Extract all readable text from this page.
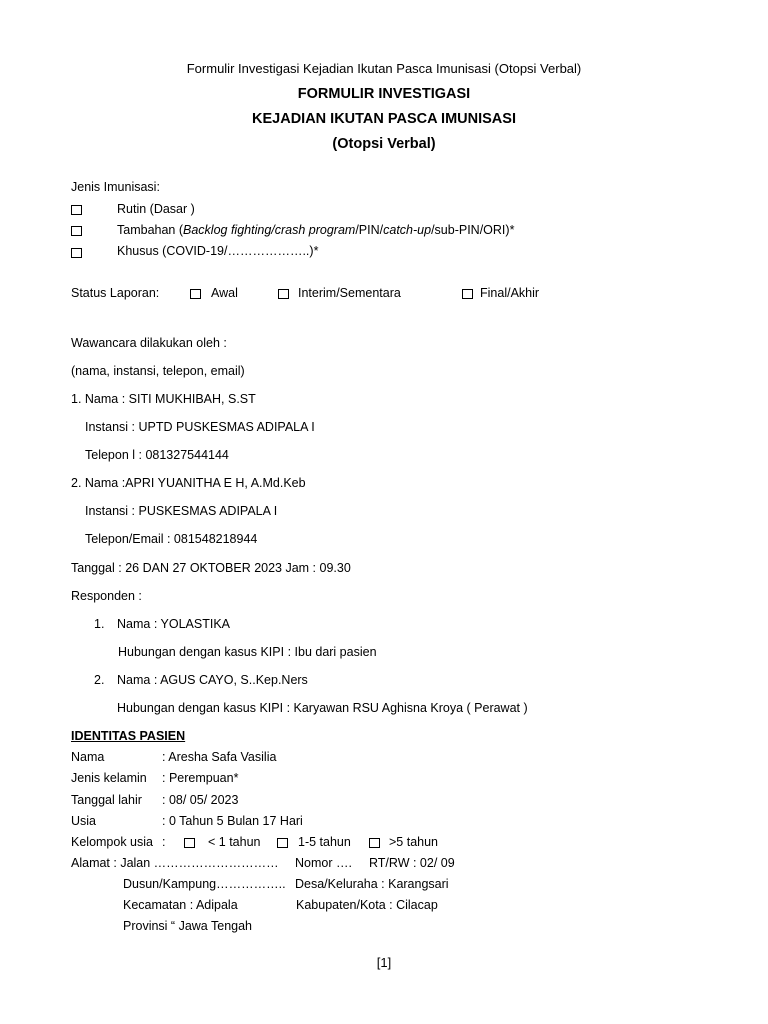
Formulir Investigasi Kejadian Ikutan Pasca Imunisasi (Otopsi Verbal)
FORMULIR INVESTIGASI
KEJADIAN IKUTAN PASCA IMUNISASI
(Otopsi Verbal)
Jenis Imunisasi:
Rutin (Dasar )
Tambahan (Backlog fighting/crash program/PIN/catch-up/sub-PIN/ORI)*
Khusus (COVID-19/………………..)*
Status Laporan:	Awal	Interim/Sementara	Final/Akhir
Wawancara dilakukan oleh :
(nama, instansi, telepon, email)
1. Nama : SITI MUKHIBAH, S.ST
Instansi : UPTD PUSKESMAS ADIPALA I
Telepon l : 081327544144
2. Nama :APRI YUANITHA E H, A.Md.Keb
Instansi : PUSKESMAS ADIPALA I
Telepon/Email : 081548218944
Tanggal : 26 DAN 27 OKTOBER 2023 Jam : 09.30
Responden :
1. Nama : YOLASTIKA
Hubungan dengan kasus KIPI : Ibu dari pasien
2. Nama : AGUS CAYO, S..Kep.Ners
Hubungan dengan kasus KIPI : Karyawan RSU Aghisna Kroya ( Perawat )
IDENTITAS PASIEN
Nama	: Aresha Safa Vasilia
Jenis kelamin : Perempuan*
Tanggal lahir : 08/ 05/ 2023
Usia	: 0 Tahun 5 Bulan 17 Hari
Kelompok usia :	< 1 tahun	1-5 tahun	>5 tahun
Alamat : Jalan ………………………… Nomor …. RT/RW : 02/ 09
Dusun/Kampung…………….. Desa/Keluraha : Karangsari
Kecamatan : Adipala	Kabupaten/Kota : Cilacap
Provinsi “ Jawa Tengah
[1]
